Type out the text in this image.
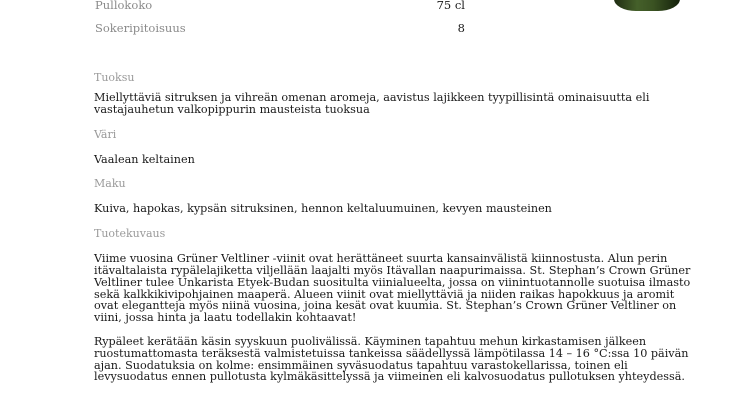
Pullokoko	75 cl
Sokeripitoisuus	8

Tuoksu

Miellyttäviä sitruksen ja vihreän omenan aromeja, aavistus lajikkeen tyypillisintä ominaisuutta eli vastajauhetun valkopippurin mausteista tuoksua

Väri

Vaalean keltainen

Maku

Kuiva, hapokas, kypsän sitruksinen, hennon keltaluumuinen, kevyen mausteinen

Tuotekuvaus

Viime vuosina Grüner Veltliner -viinit ovat herättäneet suurta kansainvälistä kiinnostusta. Alun perin itävaltalaista rypälelajiketta viljellään laajalti myös Itävallan naapurimaissa. St. Stephan’s Crown Grüner Veltliner tulee Unkarista Etyek-Budan suositulta viinialueelta, jossa on viinintuotannolle suotuisa ilmasto sekä kalkkikivipohjainen maaperä. Alueen viinit ovat miellyttäviä ja niiden raikas hapokkuus ja aromit ovat elegantteja myös niinä vuosina, joina kesät ovat kuumia. St. Stephan’s Crown Grüner Veltliner on viini, jossa hinta ja laatu todellakin kohtaavat!

Rypäleet kerätään käsin syyskuun puolivälissä. Käyminen tapahtuu mehun kirkastamisen jälkeen ruostumattomasta teräksestä valmistetuissa tankeissa säädellyssä lämpötilassa 14 – 16 °C:ssa 10 päivän ajan. Suodatuksia on kolme: ensimmäinen syväsuodatus tapahtuu varastokellarissa, toinen eli levysuodatus ennen pullotusta kylmäkäsittelyssä ja viimeinen eli kalvosuodatus pullotuksen yhteydessä.
